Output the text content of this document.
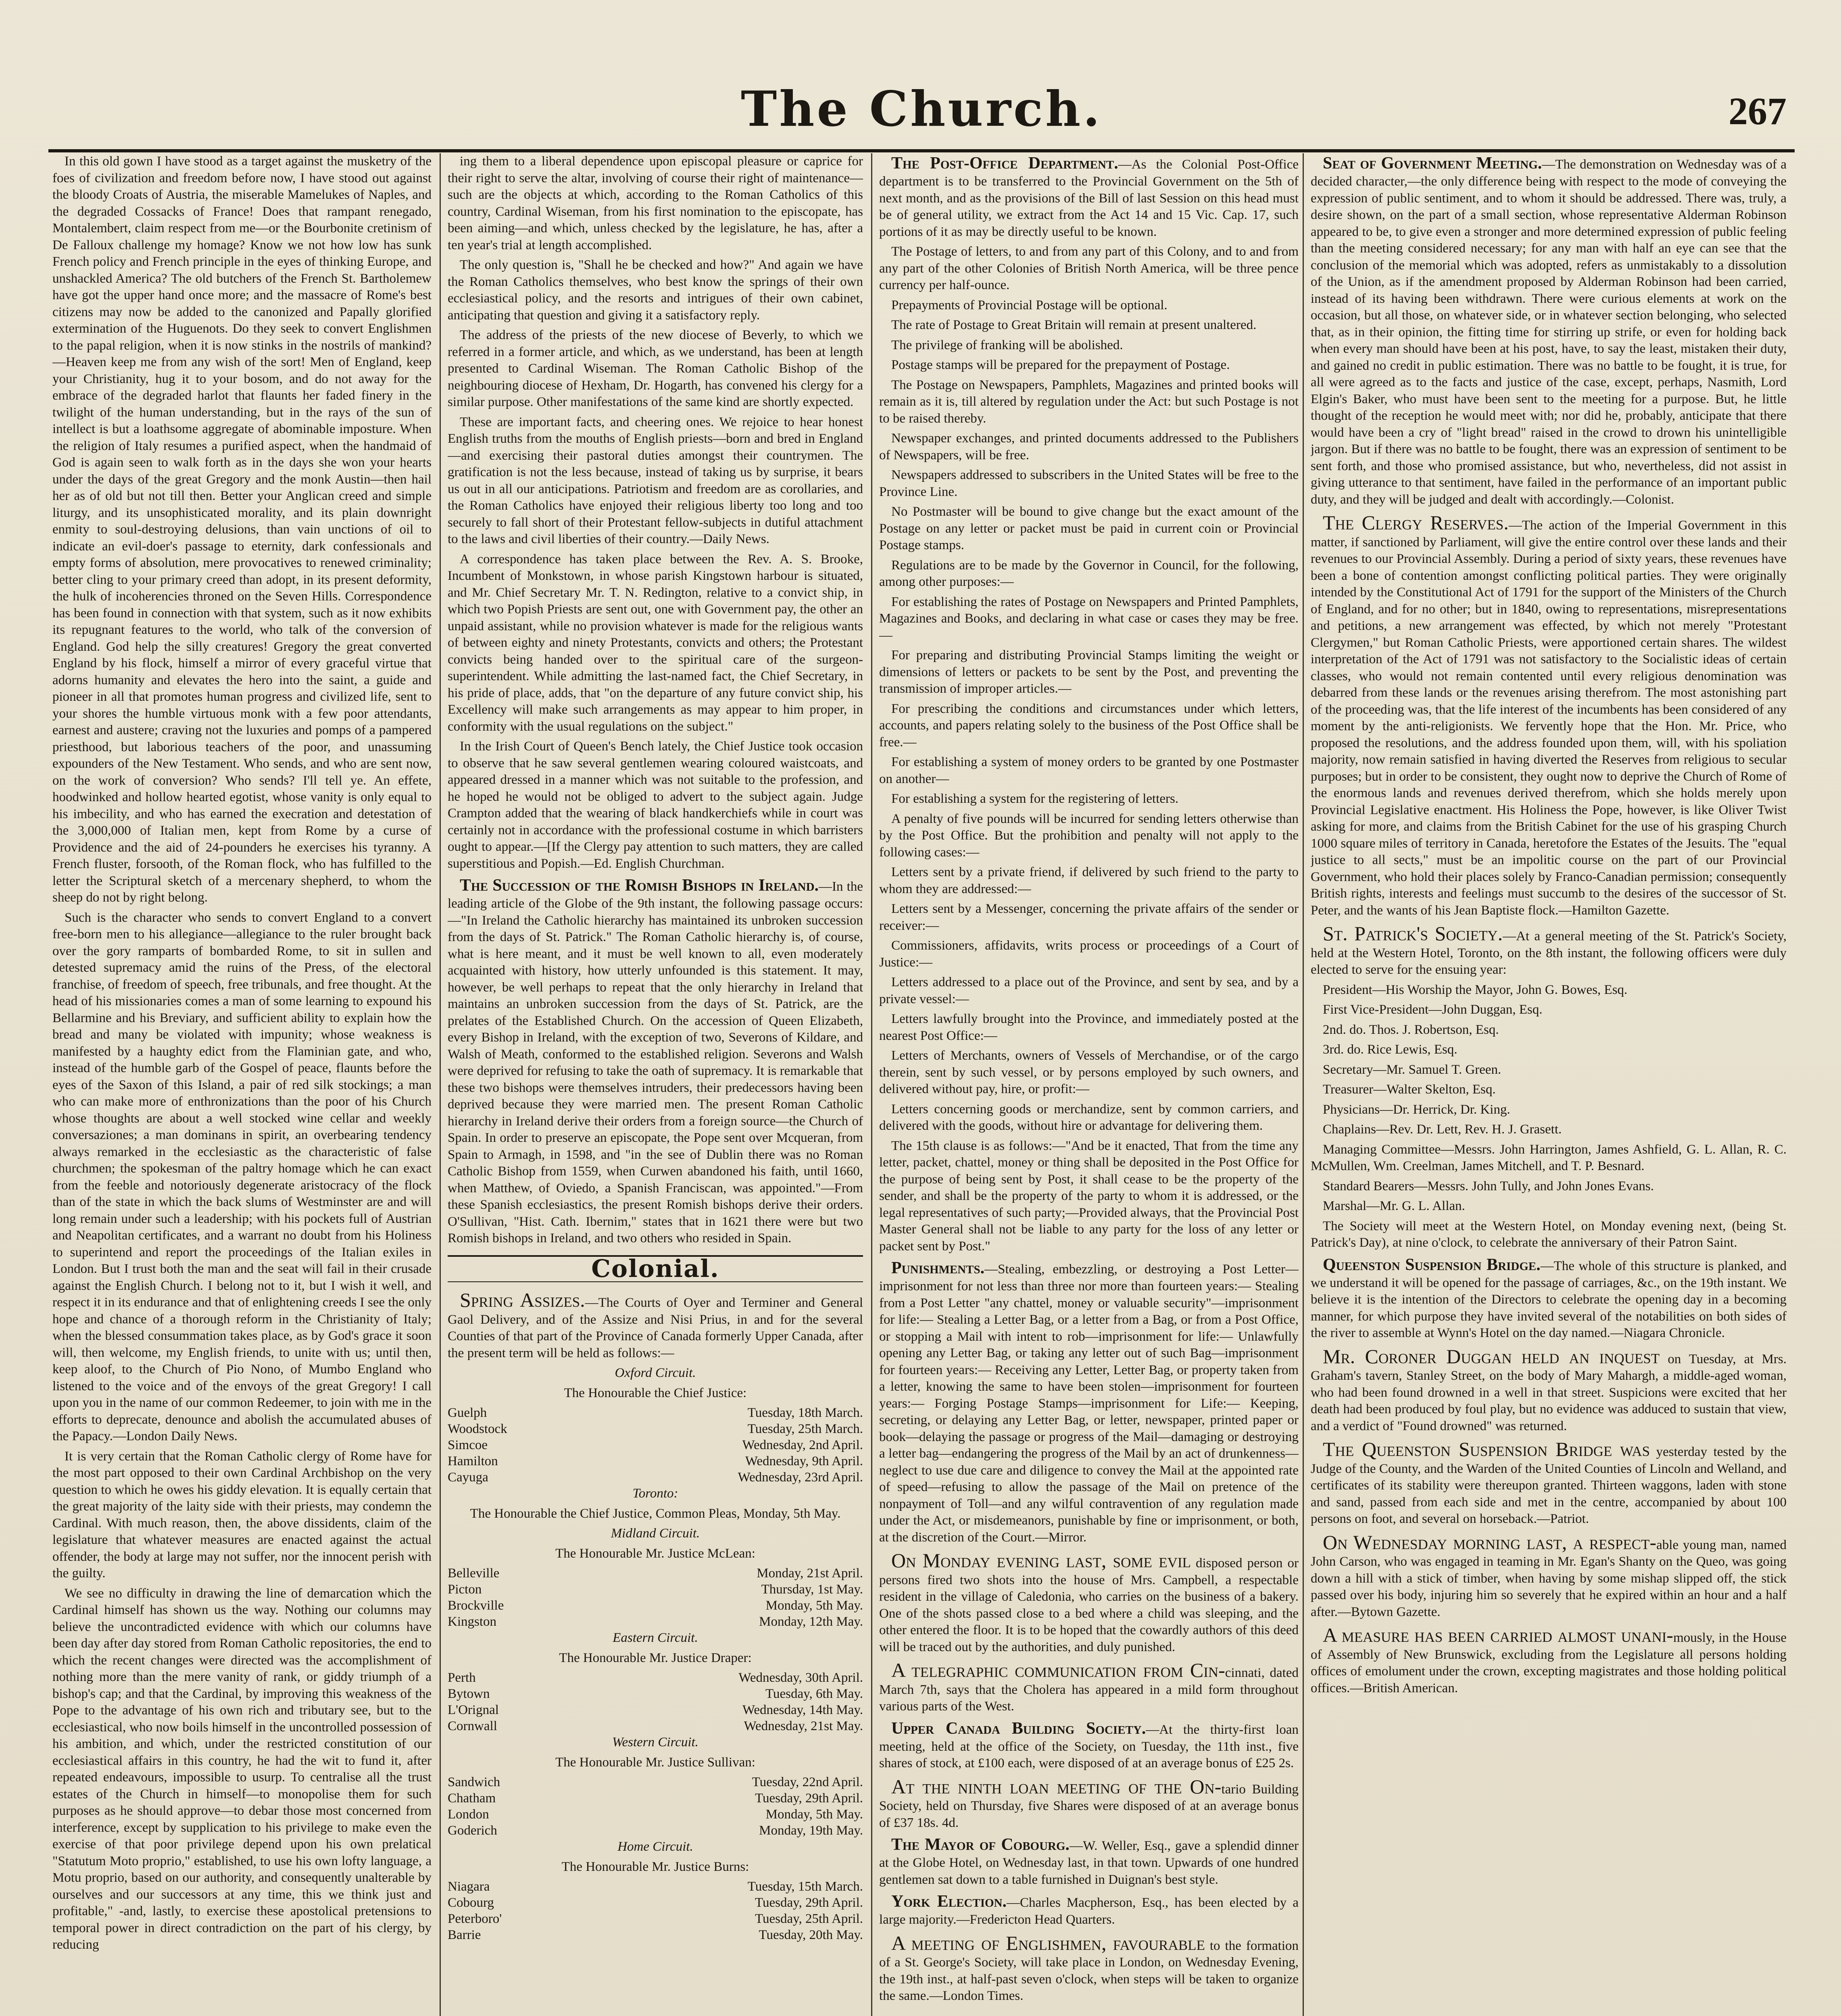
The Church.	267

In this old gown I have stood as a target against the musketry of the foes of civilization and freedom before now, I have stood out against the bloody Croats of Austria, the miserable Mamelukes of Naples, and the degraded Cossacks of France! Does that rampant renegado, Montalembert, claim respect from me—or the Bourbonite cretinism of De Falloux challenge my homage? Know we not how low has sunk French policy and French principle in the eyes of thinking Europe, and unshackled America? The old butchers of the French St. Bartholemew have got the upper hand once more; and the massacre of Rome's best citizens may now be added to the canonized and Papally glorified extermination of the Huguenots. Do they seek to convert Englishmen to the papal religion, when it is now stinks in the nostrils of mankind?—Heaven keep me from any wish of the sort! Men of England, keep your Christianity, hug it to your bosom, and do not away for the embrace of the degraded harlot that flaunts her faded finery in the twilight of the human understanding, but in the rays of the sun of intellect is but a loathsome aggregate of abominable imposture. When the religion of Italy resumes a purified aspect, when the handmaid of God is again seen to walk forth as in the days she won your hearts under the days of the great Gregory and the monk Austin—then hail her as of old but not till then. Better your Anglican creed and simple liturgy, and its unsophisticated morality, and its plain downright enmity to soul-destroying delusions, than vain unctions of oil to indicate an evil-doer's passage to eternity, dark confessionals and empty forms of absolution, mere provocatives to renewed criminality; better cling to your primary creed than adopt, in its present deformity, the hulk of incoherencies throned on the Seven Hills. Correspondence has been found in connection with that system, such as it now exhibits its repugnant features to the world, who talk of the conversion of England. God help the silly creatures! Gregory the great converted England by his flock, himself a mirror of every graceful virtue that adorns humanity and elevates the hero into the saint, a guide and pioneer in all that promotes human progress and civilized life, sent to your shores the humble virtuous monk with a few poor attendants, earnest and austere; craving not the luxuries and pomps of a pampered priesthood, but laborious teachers of the poor, and unassuming expounders of the New Testament. Who sends, and who are sent now, on the work of conversion? Who sends? I'll tell ye. An effete, hoodwinked and hollow hearted egotist, whose vanity is only equal to his imbecility, and who has earned the execration and detestation of the 3,000,000 of Italian men, kept from Rome by a curse of Providence and the aid of 24-pounders he exercises his tyranny. A French fluster, forsooth, of the Roman flock, who has fulfilled to the letter the Scriptural sketch of a mercenary shepherd, to whom the sheep do not by right belong.

Such is the character who sends to convert England to a convert free-born men to his allegiance—allegiance to the ruler brought back over the gory ramparts of bombarded Rome, to sit in sullen and detested supremacy amid the ruins of the Press, of the electoral franchise, of freedom of speech, free tribunals, and free thought. At the head of his missionaries comes a man of some learning to expound his Bellarmine and his Breviary, and sufficient ability to explain how the bread and many be violated with impunity; whose weakness is manifested by a haughty edict from the Flaminian gate, and who, instead of the humble garb of the Gospel of peace, flaunts before the eyes of the Saxon of this Island, a pair of red silk stockings; a man who can make more of enthronizations than the poor of his Church whose thoughts are about a well stocked wine cellar and weekly conversaziones; a man dominans in spirit, an overbearing tendency always remarked in the ecclesiastic as the characteristic of false churchmen; the spokesman of the paltry homage which he can exact from the feeble and notoriously degenerate aristocracy of the flock than of the state in which the back slums of Westminster are and will long remain under such a leadership; with his pockets full of Austrian and Neapolitan certificates, and a warrant no doubt from his Holiness to superintend and report the proceedings of the Italian exiles in London. But I trust both the man and the seat will fail in their crusade against the English Church. I belong not to it, but I wish it well, and respect it in its endurance and that of enlightening creeds I see the only hope and chance of a thorough reform in the Christianity of Italy; when the blessed consummation takes place, as by God's grace it soon will, then welcome, my English friends, to unite with us; until then, keep aloof, to the Church of Pio Nono, of Mumbo England who listened to the voice and of the envoys of the great Gregory! I call upon you in the name of our common Redeemer, to join with me in the efforts to deprecate, denounce and abolish the accumulated abuses of the Papacy.—London Daily News.

It is very certain that the Roman Catholic clergy of Rome have for the most part opposed to their own Cardinal Archbishop on the very question to which he owes his giddy elevation. It is equally certain that the great majority of the laity side with their priests, may condemn the Cardinal. With much reason, then, the above dissidents, claim of the legislature that whatever measures are enacted against the actual offender, the body at large may not suffer, nor the innocent perish with the guilty.

We see no difficulty in drawing the line of demarcation which the Cardinal himself has shown us the way. Nothing our columns may believe the uncontradicted evidence with which our columns have been day after day stored from Roman Catholic repositories, the end to which the recent changes were directed was the accomplishment of nothing more than the mere vanity of rank, or giddy triumph of a bishop's cap; and that the Cardinal, by improving this weakness of the Pope to the advantage of his own rich and tributary see, but to the ecclesiastical, who now boils himself in the uncontrolled possession of his ambition, and which, under the restricted constitution of our ecclesiastical affairs in this country, he had the wit to fund it, after repeated endeavours, impossible to usurp. To centralise all the trust estates of the Church in himself—to monopolise them for such purposes as he should approve—to debar those most concerned from interference, except by supplication to his privilege to make even the exercise of that poor privilege depend upon his own prelatical "Statutum Moto proprio," established, to use his own lofty language, a Motu proprio, based on our authority, and consequently unalterable by ourselves and our successors at any time, this we think just and profitable," -and, lastly, to exercise these apostolical pretensions to temporal power in direct contradiction on the part of his clergy, by reducing

ing them to a liberal dependence upon episcopal pleasure or caprice for their right to serve the altar, involving of course their right of maintenance—such are the objects at which, according to the Roman Catholics of this country, Cardinal Wiseman, from his first nomination to the episcopate, has been aiming—and which, unless checked by the legislature, he has, after a ten year's trial at length accomplished.

The only question is, "Shall he be checked and how?" And again we have the Roman Catholics themselves, who best know the springs of their own ecclesiastical policy, and the resorts and intrigues of their own cabinet, anticipating that question and giving it a satisfactory reply.

The address of the priests of the new diocese of Beverly, to which we referred in a former article, and which, as we understand, has been at length presented to Cardinal Wiseman. The Roman Catholic Bishop of the neighbouring diocese of Hexham, Dr. Hogarth, has convened his clergy for a similar purpose. Other manifestations of the same kind are shortly expected.

These are important facts, and cheering ones. We rejoice to hear honest English truths from the mouths of English priests—born and bred in England—and exercising their pastoral duties amongst their countrymen. The gratification is not the less because, instead of taking us by surprise, it bears us out in all our anticipations. Patriotism and freedom are as corollaries, and the Roman Catholics have enjoyed their religious liberty too long and too securely to fall short of their Protestant fellow-subjects in dutiful attachment to the laws and civil liberties of their country.—Daily News.

A correspondence has taken place between the Rev. A. S. Brooke, Incumbent of Monkstown, in whose parish Kingstown harbour is situated, and Mr. Chief Secretary Mr. T. N. Redington, relative to a convict ship, in which two Popish Priests are sent out, one with Government pay, the other an unpaid assistant, while no provision whatever is made for the religious wants of between eighty and ninety Protestants, convicts and others; the Protestant convicts being handed over to the spiritual care of the surgeon-superintendent. While admitting the last-named fact, the Chief Secretary, in his pride of place, adds, that "on the departure of any future convict ship, his Excellency will make such arrangements as may appear to him proper, in conformity with the usual regulations on the subject."

In the Irish Court of Queen's Bench lately, the Chief Justice took occasion to observe that he saw several gentlemen wearing coloured waistcoats, and appeared dressed in a manner which was not suitable to the profession, and he hoped he would not be obliged to advert to the subject again. Judge Crampton added that the wearing of black handkerchiefs while in court was certainly not in accordance with the professional costume in which barristers ought to appear.—[If the Clergy pay attention to such matters, they are called superstitious and Popish.—Ed. English Churchman.

The Succession of the Romish Bishops in Ireland.—In the leading article of the Globe of the 9th instant, the following passage occurs:—"In Ireland the Catholic hierarchy has maintained its unbroken succession from the days of St. Patrick." The Roman Catholic hierarchy is, of course, what is here meant, and it must be well known to all, even moderately acquainted with history, how utterly unfounded is this statement. It may, however, be well perhaps to repeat that the only hierarchy in Ireland that maintains an unbroken succession from the days of St. Patrick, are the prelates of the Established Church. On the accession of Queen Elizabeth, every Bishop in Ireland, with the exception of two, Severons of Kildare, and Walsh of Meath, conformed to the established religion. Severons and Walsh were deprived for refusing to take the oath of supremacy. It is remarkable that these two bishops were themselves intruders, their predecessors having been deprived because they were married men. The present Roman Catholic hierarchy in Ireland derive their orders from a foreign source—the Church of Spain. In order to preserve an episcopate, the Pope sent over Mcqueran, from Spain to Armagh, in 1598, and "in the see of Dublin there was no Roman Catholic Bishop from 1559, when Curwen abandoned his faith, until 1660, when Matthew, of Oviedo, a Spanish Franciscan, was appointed."—From these Spanish ecclesiastics, the present Romish bishops derive their orders. O'Sullivan, "Hist. Cath. Ibernim," states that in 1621 there were but two Romish bishops in Ireland, and two others who resided in Spain.

Colonial.

Spring Assizes.—The Courts of Oyer and Terminer and General Gaol Delivery, and of the Assize and Nisi Prius, in and for the several Counties of that part of the Province of Canada formerly Upper Canada, after the present term will be held as follows:—

Oxford Circuit.

The Honourable the Chief Justice:

Guelph	Tuesday, 18th March.
Woodstock	Tuesday, 25th March.
Simcoe	Wednesday, 2nd April.
Hamilton	Wednesday, 9th April.
Cayuga	Wednesday, 23rd April.

Toronto:

The Honourable the Chief Justice, Common Pleas, Monday, 5th May.

Midland Circuit.

The Honourable Mr. Justice McLean:

Belleville	Monday, 21st April.
Picton	Thursday, 1st May.
Brockville	Monday, 5th May.
Kingston	Monday, 12th May.

Eastern Circuit.

The Honourable Mr. Justice Draper:

Perth	Wednesday, 30th April.
Bytown	Tuesday, 6th May.
L'Orignal	Wednesday, 14th May.
Cornwall	Wednesday, 21st May.

Western Circuit.

The Honourable Mr. Justice Sullivan:

Sandwich	Tuesday, 22nd April.
Chatham	Tuesday, 29th April.
London	Monday, 5th May.
Goderich	Monday, 19th May.

Home Circuit.

The Honourable Mr. Justice Burns:

Niagara	Tuesday, 15th March.
Cobourg	Tuesday, 29th April.
Peterboro'	Tuesday, 25th April.
Barrie	Tuesday, 20th May.

The Post-Office Department.—As the Colonial Post-Office department is to be transferred to the Provincial Government on the 5th of next month, and as the provisions of the Bill of last Session on this head must be of general utility, we extract from the Act 14 and 15 Vic. Cap. 17, such portions of it as may be directly useful to be known.

The Postage of letters, to and from any part of this Colony, and to and from any part of the other Colonies of British North America, will be three pence currency per half-ounce.

Prepayments of Provincial Postage will be optional.

The rate of Postage to Great Britain will remain at present unaltered.

The privilege of franking will be abolished.

Postage stamps will be prepared for the prepayment of Postage.

The Postage on Newspapers, Pamphlets, Magazines and printed books will remain as it is, till altered by regulation under the Act: but such Postage is not to be raised thereby.

Newspaper exchanges, and printed documents addressed to the Publishers of Newspapers, will be free.

Newspapers addressed to subscribers in the United States will be free to the Province Line.

No Postmaster will be bound to give change but the exact amount of the Postage on any letter or packet must be paid in current coin or Provincial Postage stamps.

Regulations are to be made by the Governor in Council, for the following, among other purposes:—

For establishing the rates of Postage on Newspapers and Printed Pamphlets, Magazines and Books, and declaring in what case or cases they may be free.—

For preparing and distributing Provincial Stamps limiting the weight or dimensions of letters or packets to be sent by the Post, and preventing the transmission of improper articles.—

For prescribing the conditions and circumstances under which letters, accounts, and papers relating solely to the business of the Post Office shall be free.—

For establishing a system of money orders to be granted by one Postmaster on another—

For establishing a system for the registering of letters.

A penalty of five pounds will be incurred for sending letters otherwise than by the Post Office. But the prohibition and penalty will not apply to the following cases:—

Letters sent by a private friend, if delivered by such friend to the party to whom they are addressed:—

Letters sent by a Messenger, concerning the private affairs of the sender or receiver:—

Commissioners, affidavits, writs process or proceedings of a Court of Justice:—

Letters addressed to a place out of the Province, and sent by sea, and by a private vessel:—

Letters lawfully brought into the Province, and immediately posted at the nearest Post Office:—

Letters of Merchants, owners of Vessels of Merchandise, or of the cargo therein, sent by such vessel, or by persons employed by such owners, and delivered without pay, hire, or profit:—

Letters concerning goods or merchandize, sent by common carriers, and delivered with the goods, without hire or advantage for delivering them.

The 15th clause is as follows:—"And be it enacted, That from the time any letter, packet, chattel, money or thing shall be deposited in the Post Office for the purpose of being sent by Post, it shall cease to be the property of the sender, and shall be the property of the party to whom it is addressed, or the legal representatives of such party;—Provided always, that the Provincial Post Master General shall not be liable to any party for the loss of any letter or packet sent by Post."

Punishments.—Stealing, embezzling, or destroying a Post Letter—imprisonment for not less than three nor more than fourteen years:— Stealing from a Post Letter "any chattel, money or valuable security"—imprisonment for life:— Stealing a Letter Bag, or a letter from a Bag, or from a Post Office, or stopping a Mail with intent to rob—imprisonment for life:— Unlawfully opening any Letter Bag, or taking any letter out of such Bag—imprisonment for fourteen years:— Receiving any Letter, Letter Bag, or property taken from a letter, knowing the same to have been stolen—imprisonment for fourteen years:— Forging Postage Stamps—imprisonment for Life:— Keeping, secreting, or delaying any Letter Bag, or letter, newspaper, printed paper or book—delaying the passage or progress of the Mail—damaging or destroying a letter bag—endangering the progress of the Mail by an act of drunkenness—neglect to use due care and diligence to convey the Mail at the appointed rate of speed—refusing to allow the passage of the Mail on pretence of the nonpayment of Toll—and any wilful contravention of any regulation made under the Act, or misdemeanors, punishable by fine or imprisonment, or both, at the discretion of the Court.—Mirror.

On Monday evening last, some evil disposed person or persons fired two shots into the house of Mrs. Campbell, a respectable resident in the village of Caledonia, who carries on the business of a bakery. One of the shots passed close to a bed where a child was sleeping, and the other entered the floor. It is to be hoped that the cowardly authors of this deed will be traced out by the authorities, and duly punished.

A telegraphic communication from Cin-cinnati, dated March 7th, says that the Cholera has appeared in a mild form throughout various parts of the West.

Upper Canada Building Society.—At the thirty-first loan meeting, held at the office of the Society, on Tuesday, the 11th inst., five shares of stock, at £100 each, were disposed of at an average bonus of £25 2s.

At the ninth loan meeting of the On-tario Building Society, held on Thursday, five Shares were disposed of at an average bonus of £37 18s. 4d.

The Mayor of Cobourg.—W. Weller, Esq., gave a splendid dinner at the Globe Hotel, on Wednesday last, in that town. Upwards of one hundred gentlemen sat down to a table furnished in Duignan's best style.

York Election.—Charles Macpherson, Esq., has been elected by a large majority.—Fredericton Head Quarters.

A meeting of Englishmen, favourable to the formation of a St. George's Society, will take place in London, on Wednesday Evening, the 19th inst., at half-past seven o'clock, when steps will be taken to organize the same.—London Times.

Seat of Government Meeting.—The demonstration on Wednesday was of a decided character,—the only difference being with respect to the mode of conveying the expression of public sentiment, and to whom it should be addressed. There was, truly, a desire shown, on the part of a small section, whose representative Alderman Robinson appeared to be, to give even a stronger and more determined expression of public feeling than the meeting considered necessary; for any man with half an eye can see that the conclusion of the memorial which was adopted, refers as unmistakably to a dissolution of the Union, as if the amendment proposed by Alderman Robinson had been carried, instead of its having been withdrawn. There were curious elements at work on the occasion, but all those, on whatever side, or in whatever section belonging, who selected that, as in their opinion, the fitting time for stirring up strife, or even for holding back when every man should have been at his post, have, to say the least, mistaken their duty, and gained no credit in public estimation. There was no battle to be fought, it is true, for all were agreed as to the facts and justice of the case, except, perhaps, Nasmith, Lord Elgin's Baker, who must have been sent to the meeting for a purpose. But, he little thought of the reception he would meet with; nor did he, probably, anticipate that there would have been a cry of "light bread" raised in the crowd to drown his unintelligible jargon. But if there was no battle to be fought, there was an expression of sentiment to be sent forth, and those who promised assistance, but who, nevertheless, did not assist in giving utterance to that sentiment, have failed in the performance of an important public duty, and they will be judged and dealt with accordingly.—Colonist.

The Clergy Reserves.—The action of the Imperial Government in this matter, if sanctioned by Parliament, will give the entire control over these lands and their revenues to our Provincial Assembly. During a period of sixty years, these revenues have been a bone of contention amongst conflicting political parties. They were originally intended by the Constitutional Act of 1791 for the support of the Ministers of the Church of England, and for no other; but in 1840, owing to representations, misrepresentations and petitions, a new arrangement was effected, by which not merely "Protestant Clergymen," but Roman Catholic Priests, were apportioned certain shares. The wildest interpretation of the Act of 1791 was not satisfactory to the Socialistic ideas of certain classes, who would not remain contented until every religious denomination was debarred from these lands or the revenues arising therefrom. The most astonishing part of the proceeding was, that the life interest of the incumbents has been considered of any moment by the anti-religionists. We fervently hope that the Hon. Mr. Price, who proposed the resolutions, and the address founded upon them, will, with his spoliation majority, now remain satisfied in having diverted the Reserves from religious to secular purposes; but in order to be consistent, they ought now to deprive the Church of Rome of the enormous lands and revenues derived therefrom, which she holds merely upon Provincial Legislative enactment. His Holiness the Pope, however, is like Oliver Twist asking for more, and claims from the British Cabinet for the use of his grasping Church 1000 square miles of territory in Canada, heretofore the Estates of the Jesuits. The "equal justice to all sects," must be an impolitic course on the part of our Provincial Government, who hold their places solely by Franco-Canadian permission; consequently British rights, interests and feelings must succumb to the desires of the successor of St. Peter, and the wants of his Jean Baptiste flock.—Hamilton Gazette.

St. Patrick's Society.—At a general meeting of the St. Patrick's Society, held at the Western Hotel, Toronto, on the 8th instant, the following officers were duly elected to serve for the ensuing year:

President—His Worship the Mayor, John G. Bowes, Esq.

First Vice-President—John Duggan, Esq.

2nd. do. Thos. J. Robertson, Esq.

3rd. do. Rice Lewis, Esq.

Secretary—Mr. Samuel T. Green.

Treasurer—Walter Skelton, Esq.

Physicians—Dr. Herrick, Dr. King.

Chaplains—Rev. Dr. Lett, Rev. H. J. Grasett.

Managing Committee—Messrs. John Harrington, James Ashfield, G. L. Allan, R. C. McMullen, Wm. Creelman, James Mitchell, and T. P. Besnard.

Standard Bearers—Messrs. John Tully, and John Jones Evans.

Marshal—Mr. G. L. Allan.

The Society will meet at the Western Hotel, on Monday evening next, (being St. Patrick's Day), at nine o'clock, to celebrate the anniversary of their Patron Saint.

Queenston Suspension Bridge.—The whole of this structure is planked, and we understand it will be opened for the passage of carriages, &c., on the 19th instant. We believe it is the intention of the Directors to celebrate the opening day in a becoming manner, for which purpose they have invited several of the notabilities on both sides of the river to assemble at Wynn's Hotel on the day named.—Niagara Chronicle.

Mr. Coroner Duggan held an inquest on Tuesday, at Mrs. Graham's tavern, Stanley Street, on the body of Mary Mahargh, a middle-aged woman, who had been found drowned in a well in that street. Suspicions were excited that her death had been produced by foul play, but no evidence was adduced to sustain that view, and a verdict of "Found drowned" was returned.

The Queenston Suspension Bridge was yesterday tested by the Judge of the County, and the Warden of the United Counties of Lincoln and Welland, and certificates of its stability were thereupon granted. Thirteen waggons, laden with stone and sand, passed from each side and met in the centre, accompanied by about 100 persons on foot, and several on horseback.—Patriot.

On Wednesday morning last, a respect-able young man, named John Carson, who was engaged in teaming in Mr. Egan's Shanty on the Queo, was going down a hill with a stick of timber, when having by some mishap slipped off, the stick passed over his body, injuring him so severely that he expired within an hour and a half after.—Bytown Gazette.

A measure has been carried almost unani-mously, in the House of Assembly of New Brunswick, excluding from the Legislature all persons holding offices of emolument under the crown, excepting magistrates and those holding political offices.—British American.
